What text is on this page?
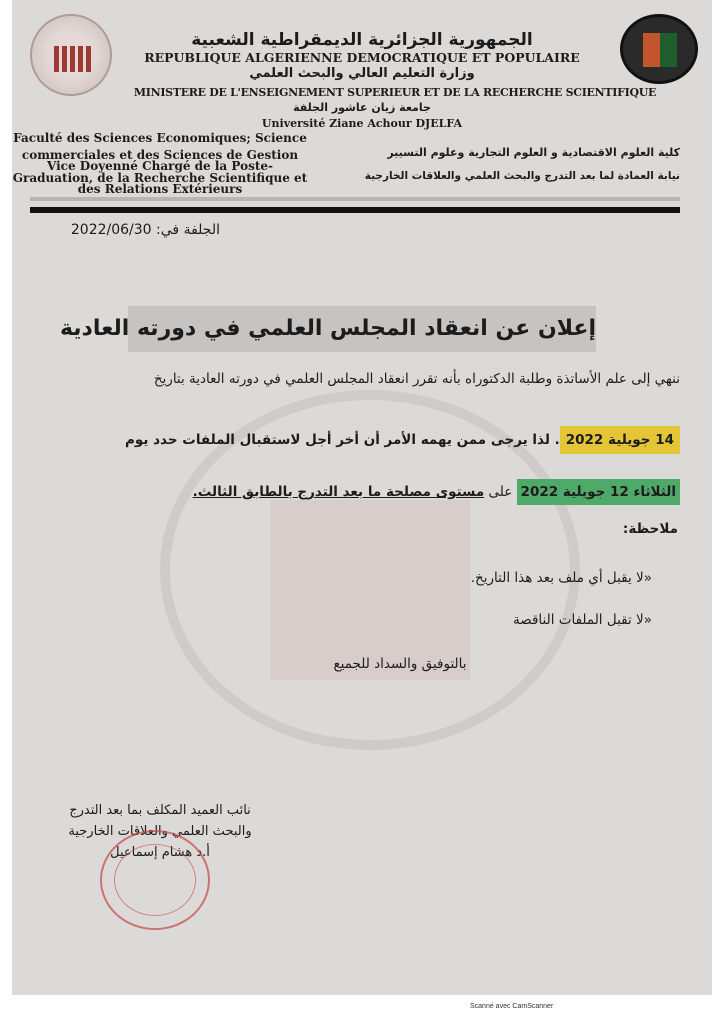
الجمهورية الجزائرية الديمقراطية الشعبية
REPUBLIQUE ALGERIENNE DEMOCRATIQUE ET POPULAIRE
وزارة التعليم العالي والبحث العلمي
MINISTERE DE L'ENSEIGNEMENT SUPERIEUR ET DE LA RECHERCHE SCIENTIFIQUE
جامعة زيان عاشور الجلفة
Université Ziane Achour DJELFA
Faculté des Sciences Economiques; Science
commerciales et des Sciences de Gestion
Vice Doyenné Chargé de la Poste-
Graduation, de la Recherche Scientifique et
des Relations Extérieurs
كلية العلوم الاقتصادية و العلوم التجارية وعلوم التسيير
نيابة العمادة لما بعد التدرج والبحث العلمي والعلاقات الخارجية
الجلفة في: 2022/06/30
إعلان عن انعقاد المجلس العلمي في دورته العادية
ننهي إلى علم الأساتذة وطلبة الدكتوراه بأنه تقرر انعقاد المجلس العلمي في دورته العادية بتاريخ
14 جويلية 2022. لذا يرجى ممن يهمه الأمر أن أخر أجل لاستقبال الملفات حدد يوم
الثلاثاء 12 جويلية 2022 على مستوى مصلحة ما بعد التدرج بالطابق الثالث.
ملاحظة:
«لا يقبل أي ملف بعد هذا التاريخ.
«لا تقبل الملفات الناقصة
بالتوفيق والسداد للجميع
نائب العميد المكلف بما بعد التدرج
والبحث العلمي والعلاقات الخارجية
أ.د هشام إسماعيل
Scanné avec CamScanner
